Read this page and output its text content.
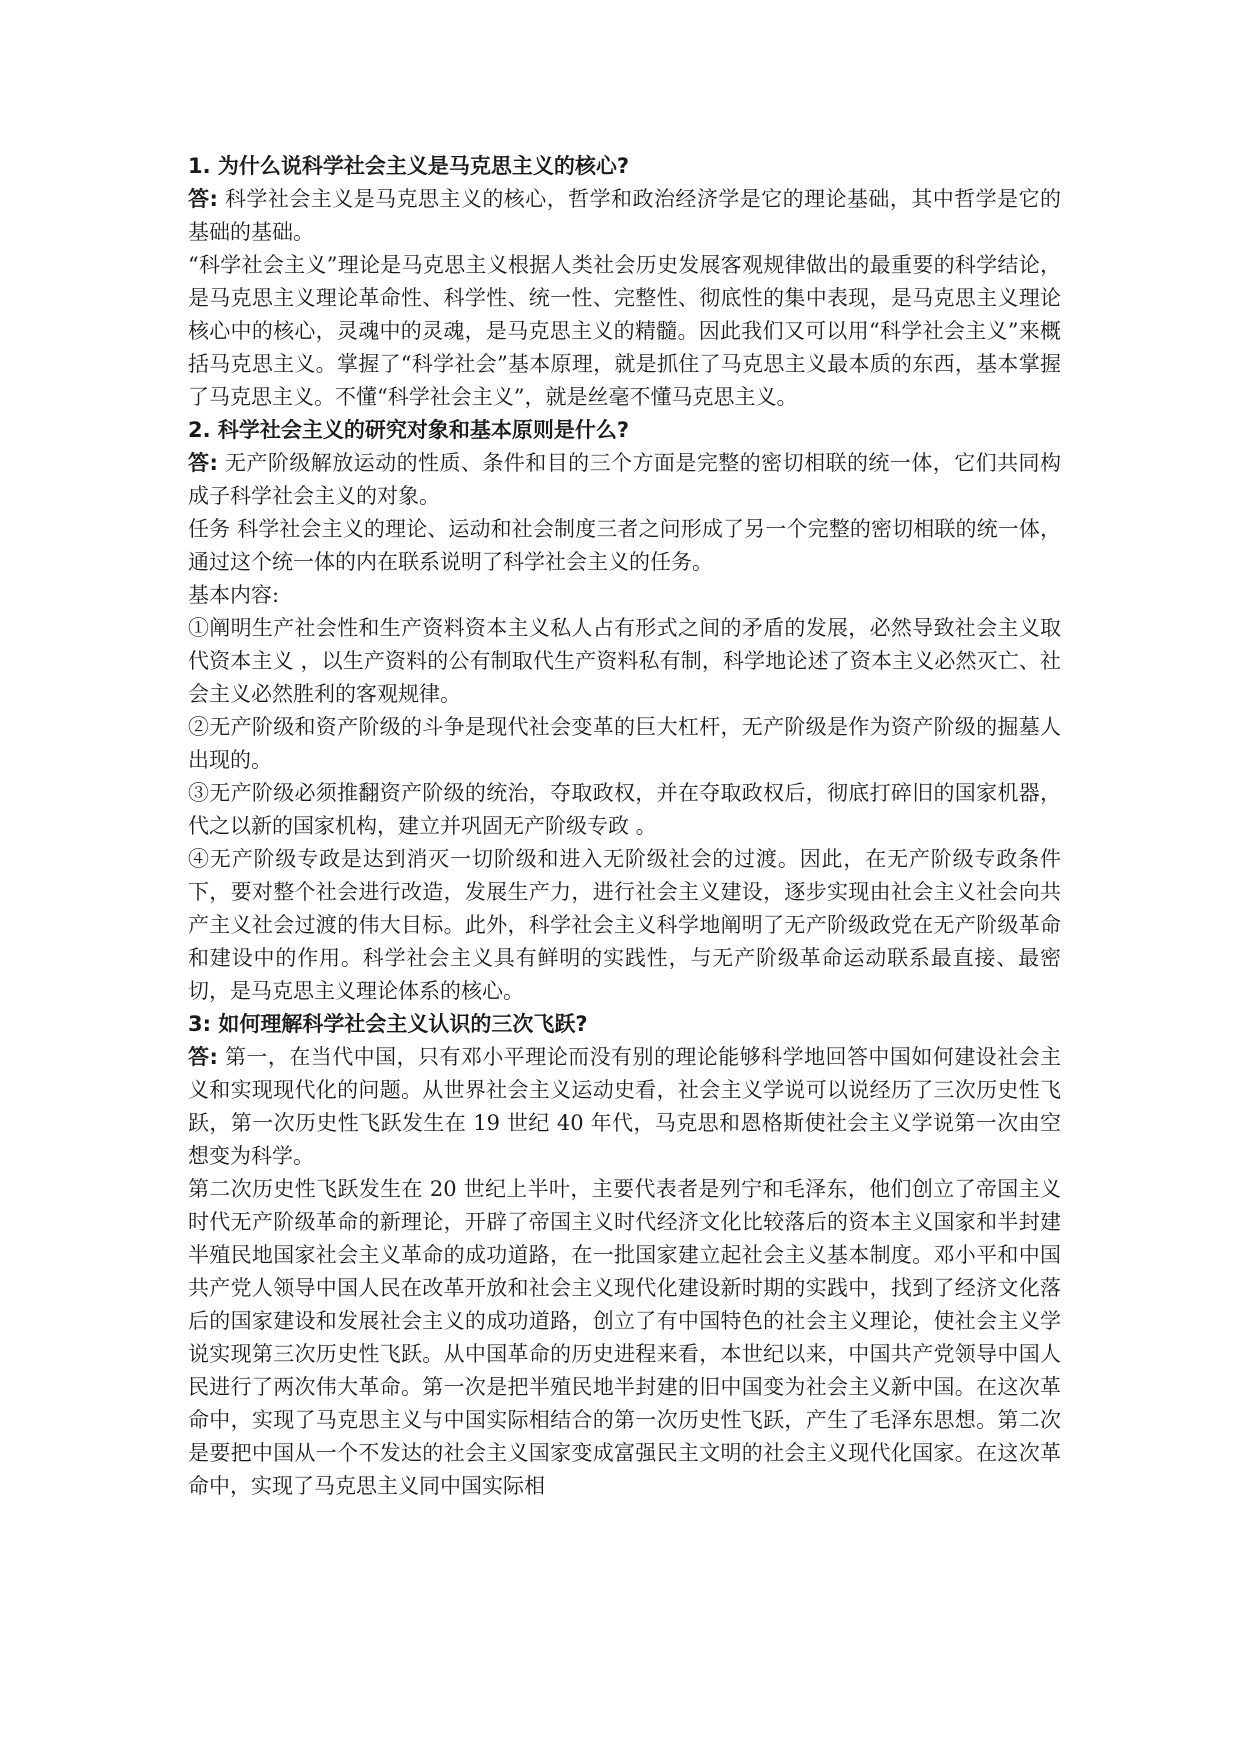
1. 为什么说科学社会主义是马克思主义的核心?

答: 科学社会主义是马克思主义的核心，哲学和政治经济学是它的理论基础，其中哲学是它的基础的基础。

“科学社会主义”理论是马克思主义根据人类社会历史发展客观规律做出的最重要的科学结论，是马克思主义理论革命性、科学性、统一性、完整性、彻底性的集中表现，是马克思主义理论核心中的核心，灵魂中的灵魂，是马克思主义的精髓。因此我们又可以用“科学社会主义”来概括马克思主义。掌握了“科学社会”基本原理，就是抓住了马克思主义最本质的东西，基本掌握了马克思主义。不懂“科学社会主义”，就是丝毫不懂马克思主义。

2. 科学社会主义的研究对象和基本原则是什么?

答: 无产阶级解放运动的性质、条件和目的三个方面是完整的密切相联的统一体，它们共同构成子科学社会主义的对象。

任务 科学社会主义的理论、运动和社会制度三者之问形成了另一个完整的密切相联的统一体，通过这个统一体的内在联系说明了科学社会主义的任务。

基本内容:

①阐明生产社会性和生产资料资本主义私人占有形式之间的矛盾的发展，必然导致社会主义取代资本主义 ，以生产资料的公有制取代生产资料私有制，科学地论述了资本主义必然灭亡、社会主义必然胜利的客观规律。

②无产阶级和资产阶级的斗争是现代社会变革的巨大杠杆，无产阶级是作为资产阶级的掘墓人出现的。

③无产阶级必须推翻资产阶级的统治，夺取政权，并在夺取政权后，彻底打碎旧的国家机器，代之以新的国家机构，建立并巩固无产阶级专政 。

④无产阶级专政是达到消灭一切阶级和进入无阶级社会的过渡。因此，在无产阶级专政条件下，要对整个社会进行改造，发展生产力，进行社会主义建设，逐步实现由社会主义社会向共产主义社会过渡的伟大目标。此外，科学社会主义科学地阐明了无产阶级政党在无产阶级革命和建设中的作用。科学社会主义具有鲜明的实践性，与无产阶级革命运动联系最直接、最密切，是马克思主义理论体系的核心。

3: 如何理解科学社会主义认识的三次飞跃?

答: 第一，在当代中国，只有邓小平理论而没有别的理论能够科学地回答中国如何建设社会主义和实现现代化的问题。从世界社会主义运动史看，社会主义学说可以说经历了三次历史性飞跃，第一次历史性飞跃发生在 19 世纪 40 年代，马克思和恩格斯使社会主义学说第一次由空想变为科学。

第二次历史性飞跃发生在 20 世纪上半叶，主要代表者是列宁和毛泽东，他们创立了帝国主义时代无产阶级革命的新理论，开辟了帝国主义时代经济文化比较落后的资本主义国家和半封建半殖民地国家社会主义革命的成功道路，在一批国家建立起社会主义基本制度。邓小平和中国共产党人领导中国人民在改革开放和社会主义现代化建设新时期的实践中，找到了经济文化落后的国家建设和发展社会主义的成功道路，创立了有中国特色的社会主义理论，使社会主义学说实现第三次历史性飞跃。从中国革命的历史进程来看，本世纪以来，中国共产党领导中国人民进行了两次伟大革命。第一次是把半殖民地半封建的旧中国变为社会主义新中国。在这次革命中，实现了马克思主义与中国实际相结合的第一次历史性飞跃，产生了毛泽东思想。第二次是要把中国从一个不发达的社会主义国家变成富强民主文明的社会主义现代化国家。在这次革命中，实现了马克思主义同中国实际相
